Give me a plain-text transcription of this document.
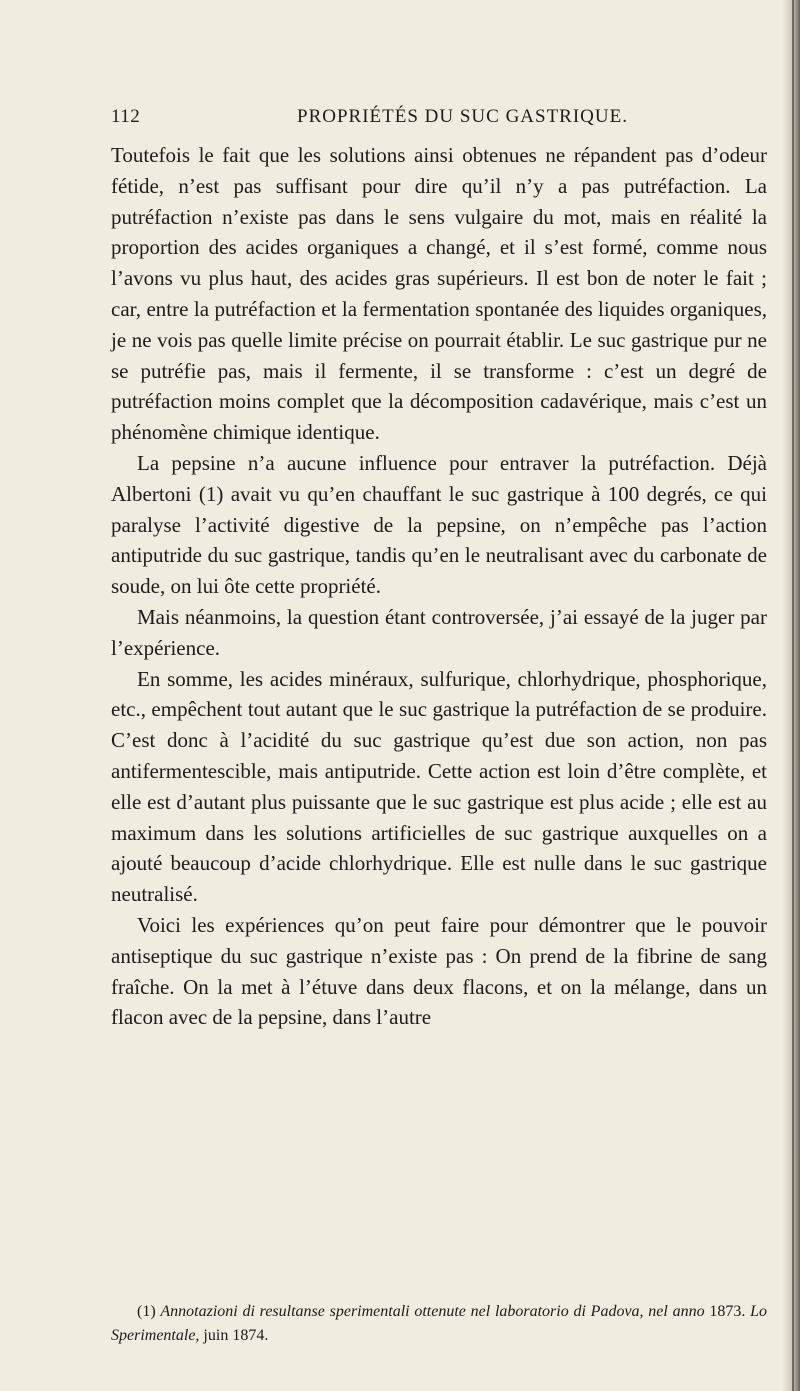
112	PROPRIÉTÉS DU SUC GASTRIQUE.

Toutefois le fait que les solutions ainsi obtenues ne répandent pas d’odeur fétide, n’est pas suffisant pour dire qu’il n’y a pas putréfaction. La putréfaction n’existe pas dans le sens vulgaire du mot, mais en réalité la proportion des acides organiques a changé, et il s’est formé, comme nous l’avons vu plus haut, des acides gras supérieurs. Il est bon de noter le fait ; car, entre la putréfaction et la fermentation spontanée des liquides organiques, je ne vois pas quelle limite précise on pourrait établir. Le suc gastrique pur ne se putréfie pas, mais il fermente, il se transforme : c’est un degré de putréfaction moins complet que la décomposition cadavérique, mais c’est un phénomène chimique identique.

La pepsine n’a aucune influence pour entraver la putréfaction. Déjà Albertoni (1) avait vu qu’en chauffant le suc gastrique à 100 degrés, ce qui paralyse l’activité digestive de la pepsine, on n’empêche pas l’action antiputride du suc gastrique, tandis qu’en le neutralisant avec du carbonate de soude, on lui ôte cette propriété.

Mais néanmoins, la question étant controversée, j’ai essayé de la juger par l’expérience.

En somme, les acides minéraux, sulfurique, chlorhydrique, phosphorique, etc., empêchent tout autant que le suc gastrique la putréfaction de se produire. C’est donc à l’acidité du suc gastrique qu’est due son action, non pas antifermentescible, mais antiputride. Cette action est loin d’être complète, et elle est d’autant plus puissante que le suc gastrique est plus acide ; elle est au maximum dans les solutions artificielles de suc gastrique auxquelles on a ajouté beaucoup d’acide chlorhydrique. Elle est nulle dans le suc gastrique neutralisé.

Voici les expériences qu’on peut faire pour démontrer que le pouvoir antiseptique du suc gastrique n’existe pas : On prend de la fibrine de sang fraîche. On la met à l’étuve dans deux flacons, et on la mélange, dans un flacon avec de la pepsine, dans l’autre

(1) Annotazioni di resultanse sperimentali ottenute nel laboratorio di Padova, nel anno 1873. Lo Sperimentale, juin 1874.
